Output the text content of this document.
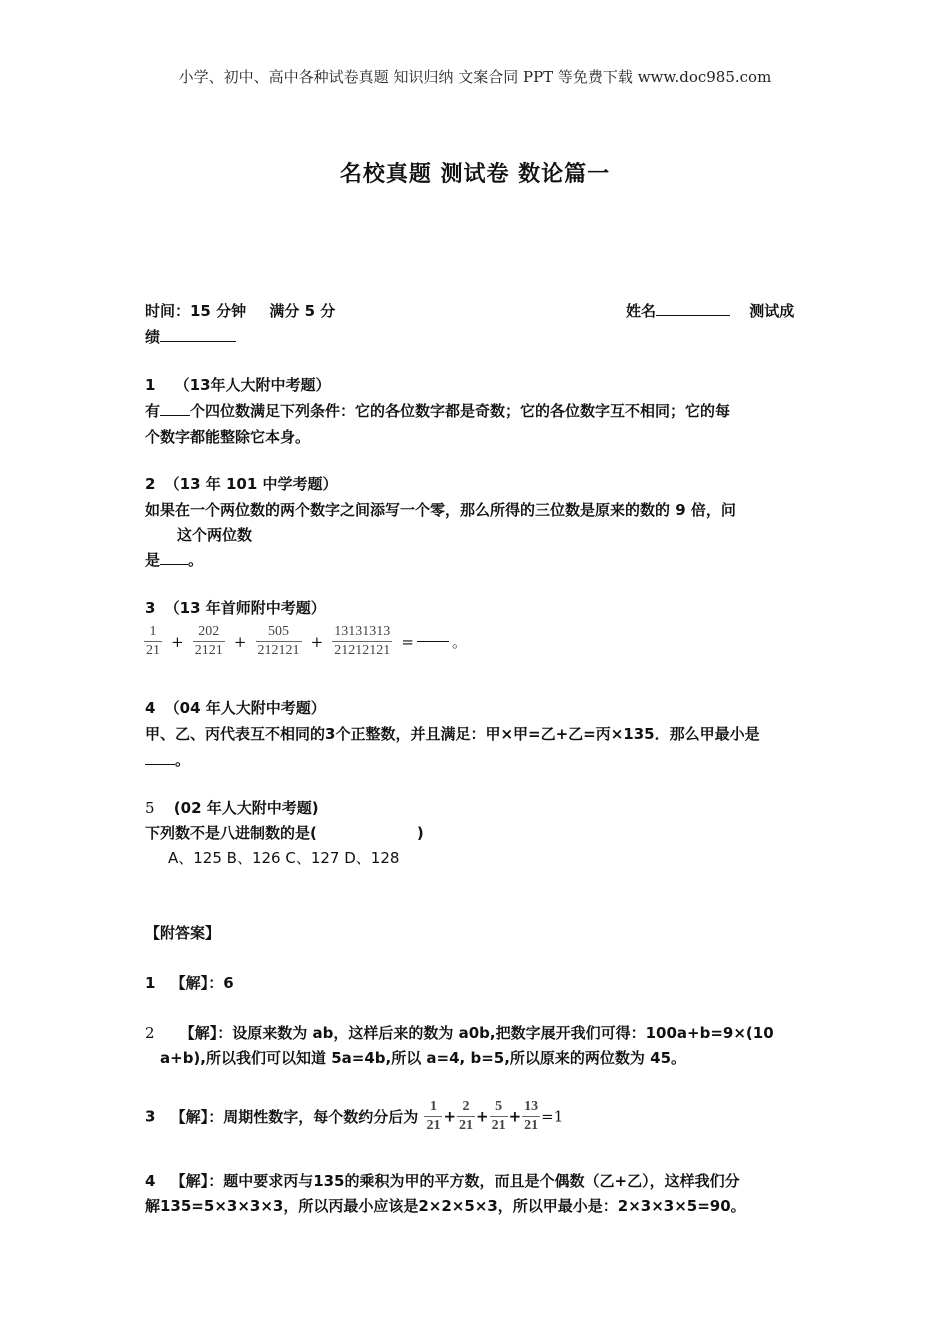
小学、初中、高中各种试卷真题 知识归纳 文案合同 PPT 等免费下载 www.doc985.com
名校真题 测试卷 数论篇一
时间：15 分钟 满分 5 分	姓名	测试成
绩
1 （13年人大附中考题）
有 个四位数满足下列条件：它的各位数字都是奇数；它的各位数字互不相同；它的每
个数字都能整除它本身。
2 （13 年 101 中学考题）
如果在一个两位数的两个数字之间添写一个零，那么所得的三位数是原来的数的 9 倍，问
这个两位数
是 。
3 （13 年首师附中考题）
$\frac{1}{21} + \frac{202}{2121} + \frac{505}{212121} + \frac{13131313}{21212121}$ =	。
4 （04 年人大附中考题）
甲、乙、丙代表互不相同的3个正整数，并且满足：甲×甲=乙+乙=丙×135．那么甲最小是
。
5 (02 年人大附中考题)
下列数不是八进制数的是(	)
A、125 B、126 C、127 D、128
【附答案】
1 【解】：6
2 【解】：设原来数为 ab，这样后来的数为 a0b,把数字展开我们可得：100a+b=9×(10
a+b),所以我们可以知道 5a=4b,所以 a=4, b=5,所以原来的两位数为 45。
3 【解】：周期性数字，每个数约分后为 $\frac{1}{21} + \frac{2}{21} + \frac{5}{21} + \frac{13}{21} =1$
4 【解】：题中要求丙与135的乘积为甲的平方数，而且是个偶数（乙+乙），这样我们分
解135=5×3×3×3，所以丙最小应该是2×2×5×3，所以甲最小是：2×3×3×5=90。
